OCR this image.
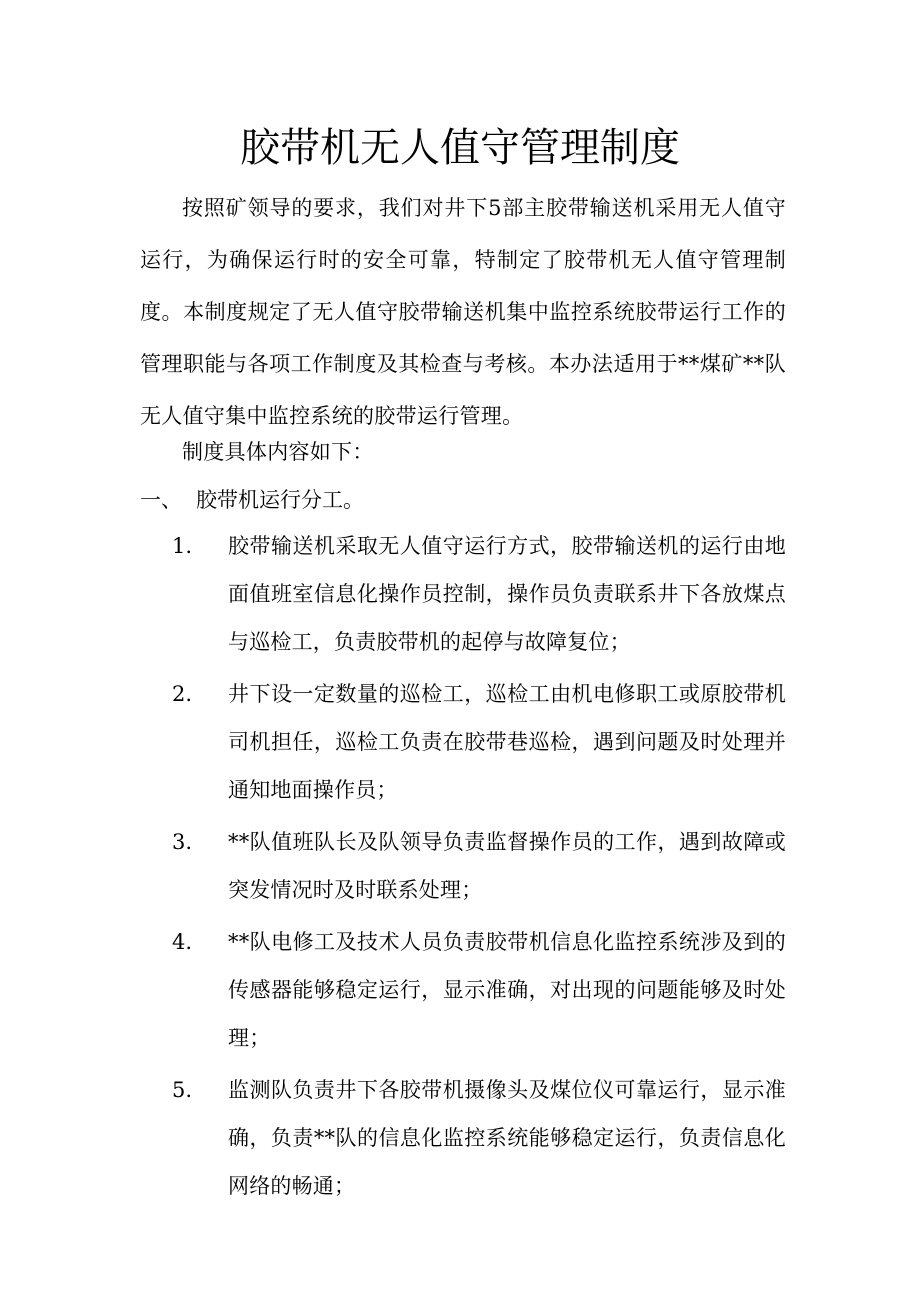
胶带机无人值守管理制度

按照矿领导的要求，我们对井下5部主胶带输送机采用无人值守运行，为确保运行时的安全可靠，特制定了胶带机无人值守管理制度。本制度规定了无人值守胶带输送机集中监控系统胶带运行工作的管理职能与各项工作制度及其检查与考核。本办法适用于**煤矿**队无人值守集中监控系统的胶带运行管理。

制度具体内容如下：

一、 胶带机运行分工。
1. 胶带输送机采取无人值守运行方式，胶带输送机的运行由地面值班室信息化操作员控制，操作员负责联系井下各放煤点与巡检工，负责胶带机的起停与故障复位；
2. 井下设一定数量的巡检工，巡检工由机电修职工或原胶带机司机担任，巡检工负责在胶带巷巡检，遇到问题及时处理并通知地面操作员；
3. **队值班队长及队领导负责监督操作员的工作，遇到故障或突发情况时及时联系处理；
4. **队电修工及技术人员负责胶带机信息化监控系统涉及到的传感器能够稳定运行，显示准确，对出现的问题能够及时处理；
5. 监测队负责井下各胶带机摄像头及煤位仪可靠运行，显示准确，负责**队的信息化监控系统能够稳定运行，负责信息化网络的畅通；
